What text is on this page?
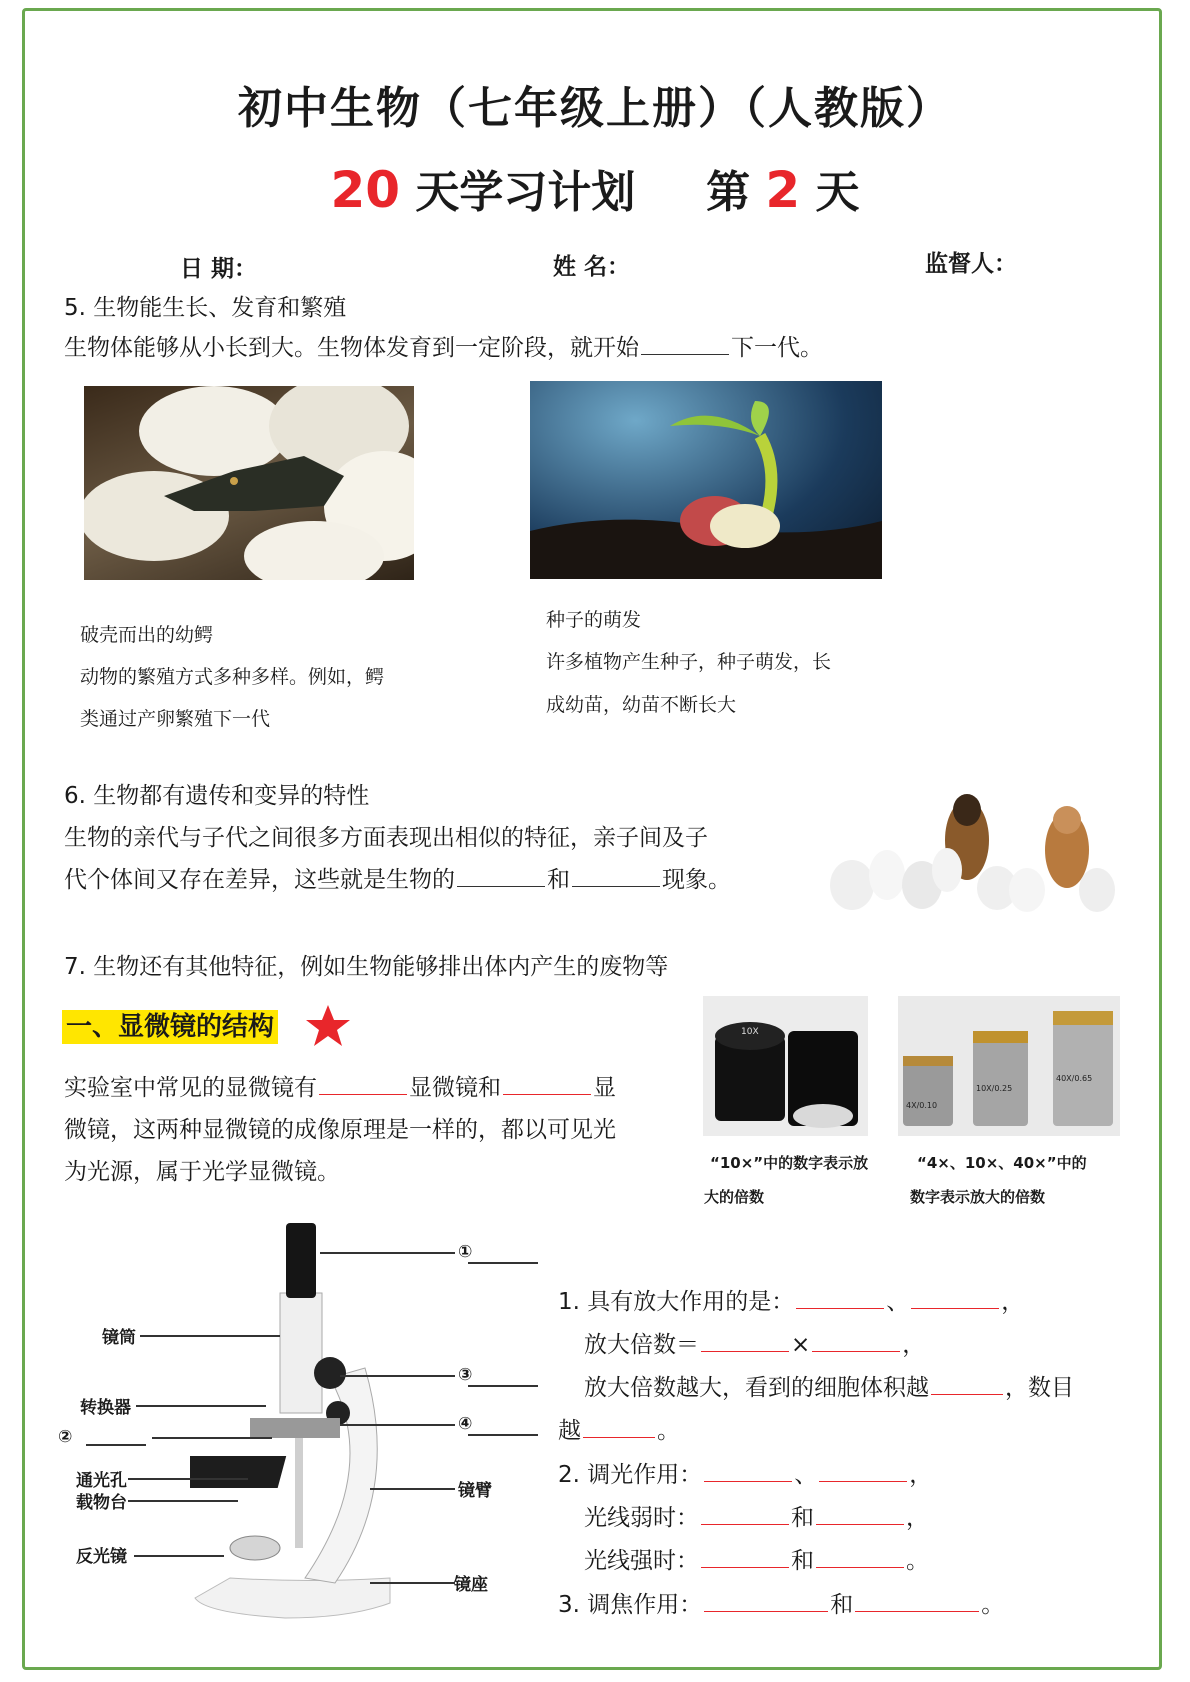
初中生物（七年级上册）（人教版）
20 天学习计划 第 2 天
日 期：	姓 名：	监督人：
5. 生物能生长、发育和繁殖
生物体能够从小长到大。生物体发育到一定阶段，就开始	下一代。
破壳而出的幼鳄
动物的繁殖方式多种多样。例如，鳄
类通过产卵繁殖下一代
种子的萌发
许多植物产生种子，种子萌发，长
成幼苗，幼苗不断长大
6. 生物都有遗传和变异的特性
生物的亲代与子代之间很多方面表现出相似的特征，亲子间及子
代个体间又存在差异，这些就是生物的	和	现象。
7. 生物还有其他特征，例如生物能够排出体内产生的废物等
一、显微镜的结构
实验室中常见的显微镜有	显微镜和	显
微镜，这两种显微镜的成像原理是一样的，都以可见光
为光源，属于光学显微镜。
10X
4X/0.10
10X/0.25
40X/0.65
“10×”中的数字表示放
大的倍数
“4×、10×、40×”中的
数字表示放大的倍数
①
③
④
②
镜筒
转换器
通光孔
载物台
反光镜
镜臂
镜座
1. 具有放大作用的是：	、	，
放大倍数＝	×	，
放大倍数越大，看到的细胞体积越	，数目
越	。
2. 调光作用：	、	，
光线弱时：	和	，
光线强时：	和	。
3. 调焦作用：	和	。
